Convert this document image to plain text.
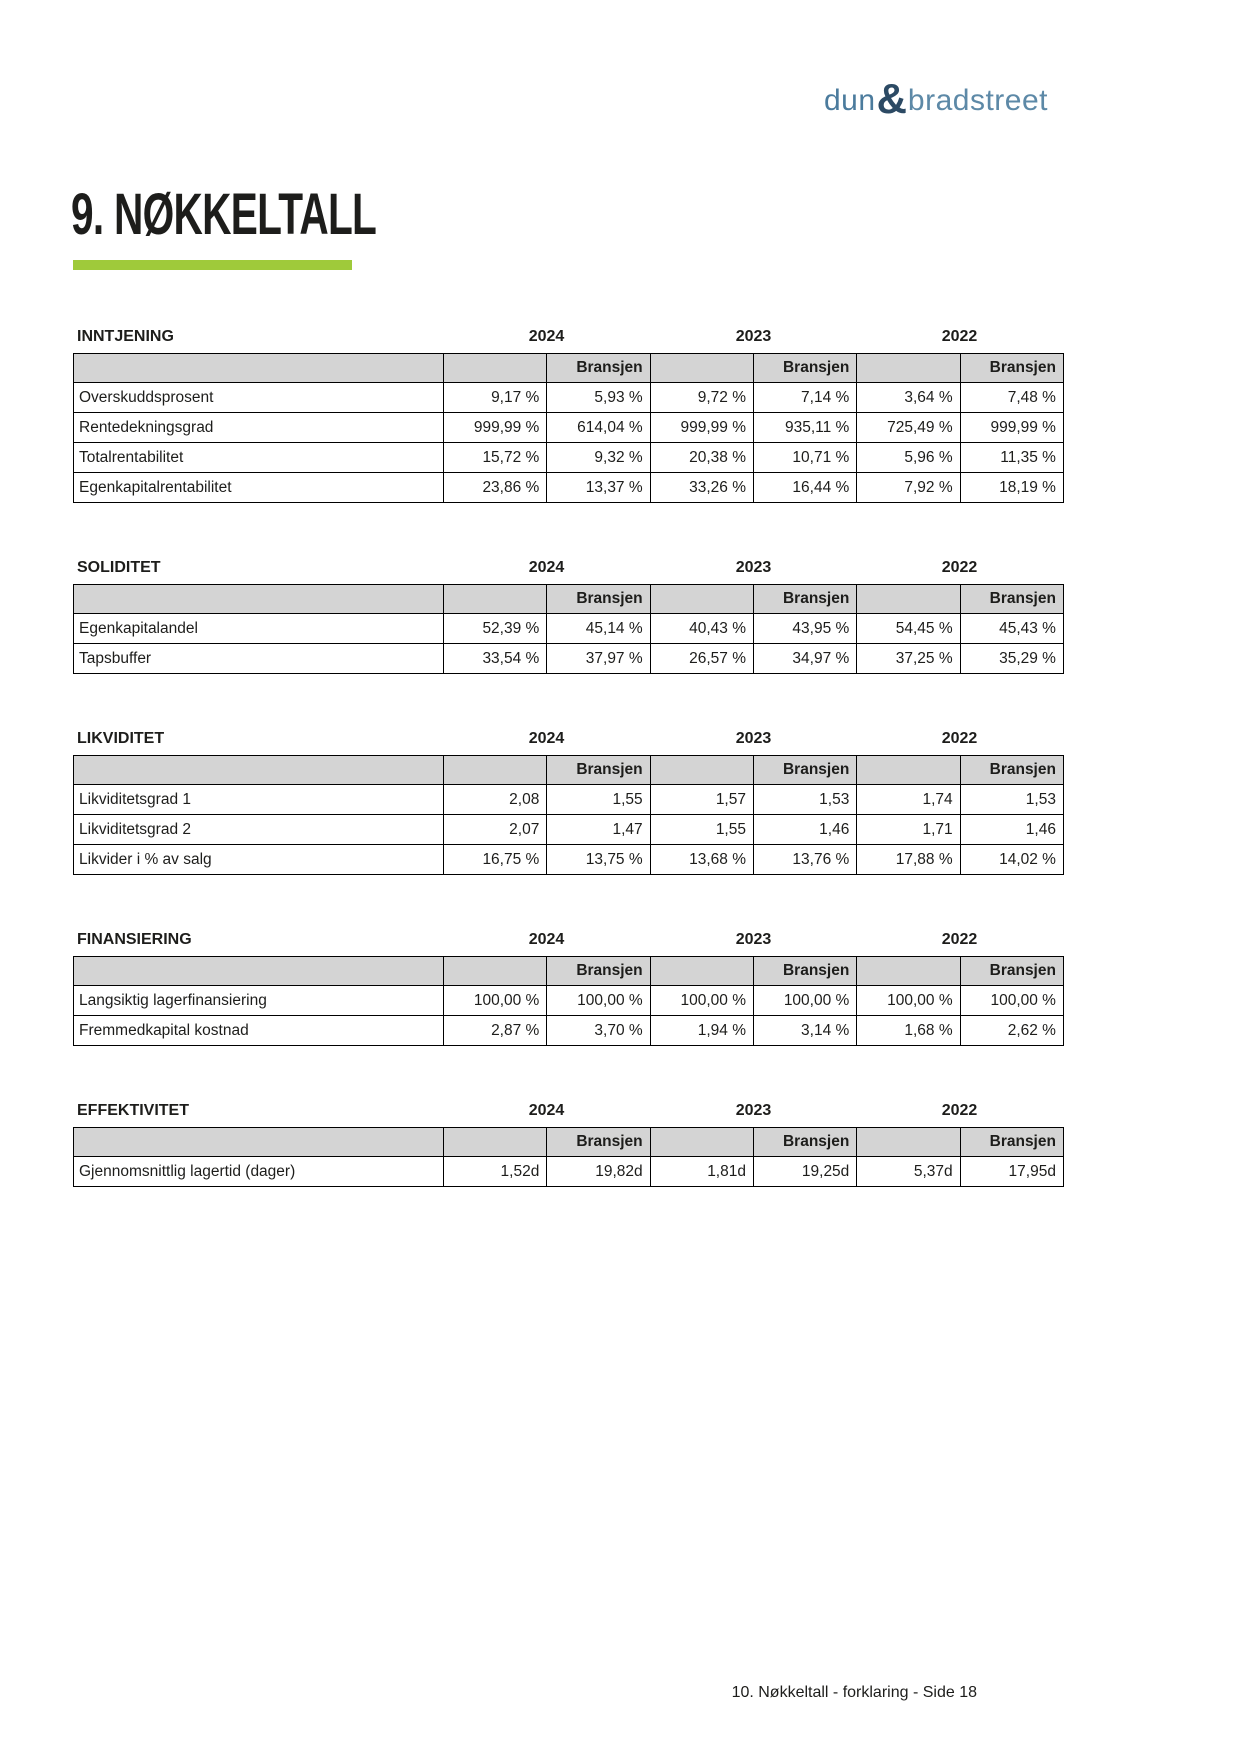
dun & bradstreet
9. NØKKELTALL
INNTJENING	2024	2023	2022
		Bransjen		Bransjen		Bransjen
Overskuddsprosent	9,17 %	5,93 %	9,72 %	7,14 %	3,64 %	7,48 %
Rentedekningsgrad	999,99 %	614,04 %	999,99 %	935,11 %	725,49 %	999,99 %
Totalrentabilitet	15,72 %	9,32 %	20,38 %	10,71 %	5,96 %	11,35 %
Egenkapitalrentabilitet	23,86 %	13,37 %	33,26 %	16,44 %	7,92 %	18,19 %
SOLIDITET	2024	2023	2022
		Bransjen		Bransjen		Bransjen
Egenkapitalandel	52,39 %	45,14 %	40,43 %	43,95 %	54,45 %	45,43 %
Tapsbuffer	33,54 %	37,97 %	26,57 %	34,97 %	37,25 %	35,29 %
LIKVIDITET	2024	2023	2022
		Bransjen		Bransjen		Bransjen
Likviditetsgrad 1	2,08	1,55	1,57	1,53	1,74	1,53
Likviditetsgrad 2	2,07	1,47	1,55	1,46	1,71	1,46
Likvider i % av salg	16,75 %	13,75 %	13,68 %	13,76 %	17,88 %	14,02 %
FINANSIERING	2024	2023	2022
		Bransjen		Bransjen		Bransjen
Langsiktig lagerfinansiering	100,00 %	100,00 %	100,00 %	100,00 %	100,00 %	100,00 %
Fremmedkapital kostnad	2,87 %	3,70 %	1,94 %	3,14 %	1,68 %	2,62 %
EFFEKTIVITET	2024	2023	2022
		Bransjen		Bransjen		Bransjen
Gjennomsnittlig lagertid (dager)	1,52d	19,82d	1,81d	19,25d	5,37d	17,95d
10. Nøkkeltall - forklaring - Side 18
